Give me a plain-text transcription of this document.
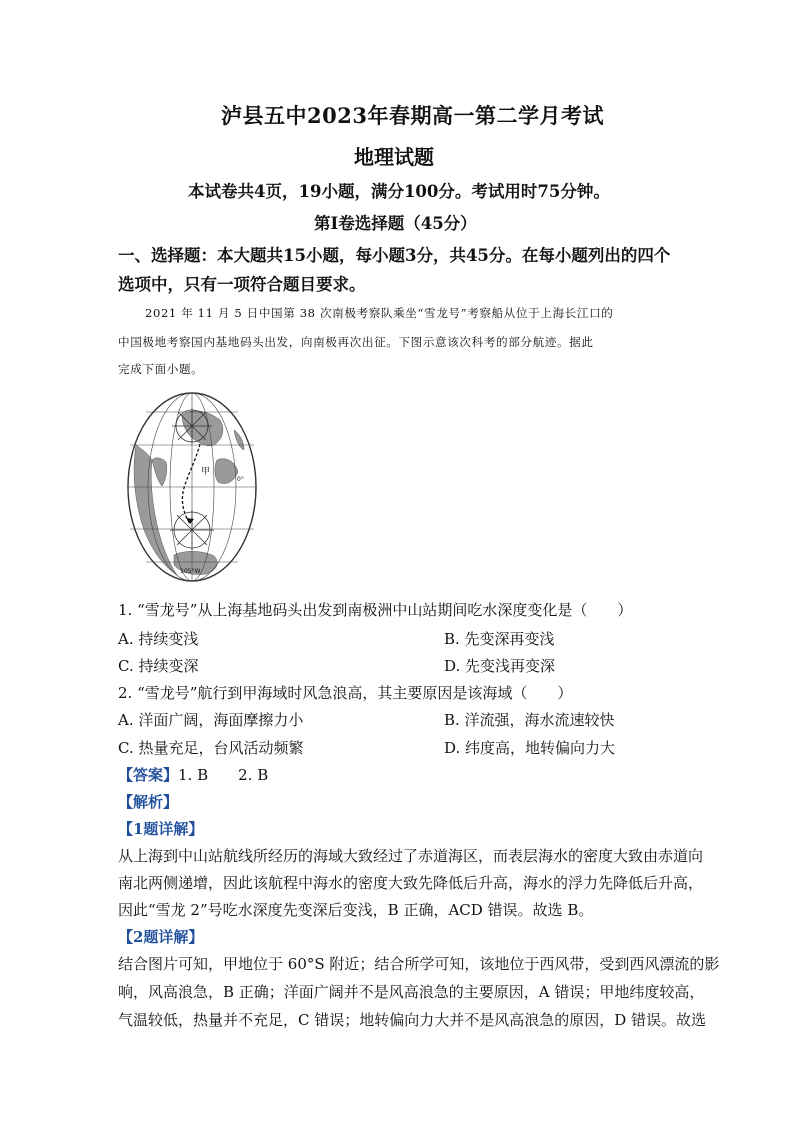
泸县五中2023年春期高一第二学月考试
地理试题
本试卷共4页，19小题，满分100分。考试用时75分钟。
第Ⅰ卷选择题（45分）
一、选择题：本大题共15小题，每小题3分，共45分。在每小题列出的四个
选项中，只有一项符合题目要求。
2021 年 11 月 5 日中国第 38 次南极考察队乘坐“雪龙号”考察船从位于上海长江口的
中国极地考察国内基地码头出发，向南极再次出征。下图示意该次科考的部分航迹。据此
完成下面小题。
甲
0°
105°W
1. “雪龙号”从上海基地码头出发到南极洲中山站期间吃水深度变化是（　　）
A. 持续变浅	B. 先变深再变浅
C. 持续变深	D. 先变浅再变深
2. “雪龙号”航行到甲海域时风急浪高，其主要原因是该海域（　　）
A. 洋面广阔，海面摩擦力小	B. 洋流强，海水流速较快
C. 热量充足，台风活动频繁	D. 纬度高，地转偏向力大
【答案】1. B　　2. B
【解析】
【1题详解】
从上海到中山站航线所经历的海域大致经过了赤道海区，而表层海水的密度大致由赤道向
南北两侧递增，因此该航程中海水的密度大致先降低后升高，海水的浮力先降低后升高，
因此“雪龙 2”号吃水深度先变深后变浅，B 正确，ACD 错误。故选 B。
【2题详解】
结合图片可知，甲地位于 60°S 附近；结合所学可知，该地位于西风带，受到西风漂流的影
响，风高浪急，B 正确；洋面广阔并不是风高浪急的主要原因，A 错误；甲地纬度较高，
气温较低，热量并不充足，C 错误；地转偏向力大并不是风高浪急的原因，D 错误。故选
